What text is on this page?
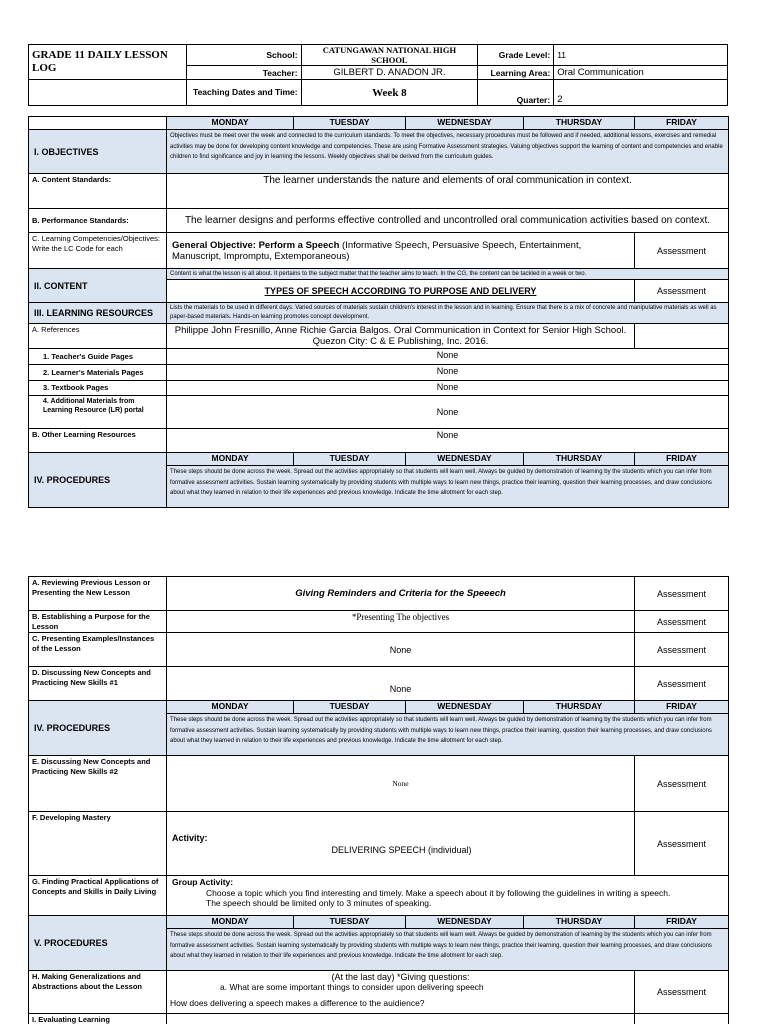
GRADE 11 DAILY LESSON LOG	School:	CATUNGAWAN NATIONAL HIGH SCHOOL	Grade Level:	11
	Teacher:	GILBERT D. ANADON JR.	Learning Area:	Oral Communication
	Teaching Dates and Time:	Week 8	Quarter:	2
	MONDAY	TUESDAY	WEDNESDAY	THURSDAY	FRIDAY
I. OBJECTIVES	Objectives must be meet over the week and connected to the curriculum standards. To meet the objectives, necessary procedures must be followed and if needed, additional lessons, exercises and remedial activities may be done for developing content knowledge and competencies. These are using Formative Assessment strategies. Valuing objectives support the learning of content and competencies and enable children to find significance and joy in learning the lessons. Weekly objectives shall be derived from the curriculum guides.				
A. Content Standards:	The learner understands the nature and elements of oral communication in context.				
B. Performance Standards:	The learner designs and performs effective controlled and uncontrolled oral communication activities based on context.				
C. Learning Competencies/Objectives: Write the LC Code for each	General Objective: Perform a Speech (Informative Speech, Persuasive Speech, Entertainment, Manuscript, Impromptu, Extemporaneous)				Assessment
II. CONTENT	Content is what the lesson is all about. It pertains to the subject matter that the teacher aims to teach. In the CG, the content can be tackled in a week or two.				
	TYPES OF SPEECH ACCORDING TO PURPOSE AND DELIVERY				Assessment
III. LEARNING RESOURCES	Lists the materials to be used in different days. Varied sources of materials sustain children's interest in the lesson and in learning. Ensure that there is a mix of concrete and manipulative materials as well as paper-based materials. Hands-on learning promotes concept development.				
A. References	Philippe John Fresnillo, Anne Richie Garcia Balgos. Oral Communication in Context for Senior High School. Quezon City: C & E Publishing, Inc. 2016.				
1. Teacher's Guide Pages	None				
2. Learner's Materials Pages	None				
3. Textbook Pages	None				
4. Additional Materials from Learning Resource (LR) portal	None				
B. Other Learning Resources	None				
IV. PROCEDURES	MONDAY	TUESDAY	WEDNESDAY	THURSDAY	FRIDAY
	These steps should be done across the week. Spread out the activities appropriately so that students will learn well. Always be guided by demonstration of learning by the students which you can infer from formative assessment activities. Sustain learning systematically by providing students with multiple ways to learn new things, practice their learning, question their learning processes, and draw conclusions about what they learned in relation to their life experiences and previous knowledge. Indicate the time allotment for each step.				
A. Reviewing Previous Lesson or Presenting the New Lesson	Giving Reminders and Criteria for the Speeech				Assessment
B. Establishing a Purpose for the Lesson	*Presenting The objectives				Assessment
C. Presenting Examples/Instances of the Lesson	None				Assessment
D. Discussing New Concepts and Practicing New Skills #1	None				Assessment
IV. PROCEDURES	MONDAY	TUESDAY	WEDNESDAY	THURSDAY	FRIDAY
	These steps should be done across the week. Spread out the activities appropriately so that students will learn well. Always be guided by demonstration of learning by the students which you can infer from formative assessment activities. Sustain learning systematically by providing students with multiple ways to learn new things, practice their learning, question their learning processes, and draw conclusions about what they learned in relation to their life experiences and previous knowledge. Indicate the time allotment for each step.				
E. Discussing New Concepts and Practicing New Skills #2	None				Assessment
F. Developing Mastery	Activity:
DELIVERING SPEECH (individual)				Assessment
G. Finding Practical Applications of Concepts and Skills in Daily Living	Group Activity:
Choose a topic which you find interesting and timely. Make a speech about it by following the guidelines in writing a speech.
The speech should be limited only to 3 minutes of speaking.				

V. PROCEDURES	MONDAY	TUESDAY	WEDNESDAY	THURSDAY	FRIDAY
	These steps should be done across the week. Spread out the activities appropriately so that students will learn well. Always be guided by demonstration of learning by the students which you can infer from formative assessment activities. Sustain learning systematically by providing students with multiple ways to learn new things, practice their learning, question their learning processes, and draw conclusions about what they learned in relation to their life experiences and previous knowledge. Indicate the time allotment for each step.				
H. Making Generalizations and Abstractions about the Lesson	(At the last day) *Giving questions:
a. What are some important things to consider upon delivering speech
How does delivering a speech makes a difference to the auidience?				Assessment
I. Evaluating Learning					
